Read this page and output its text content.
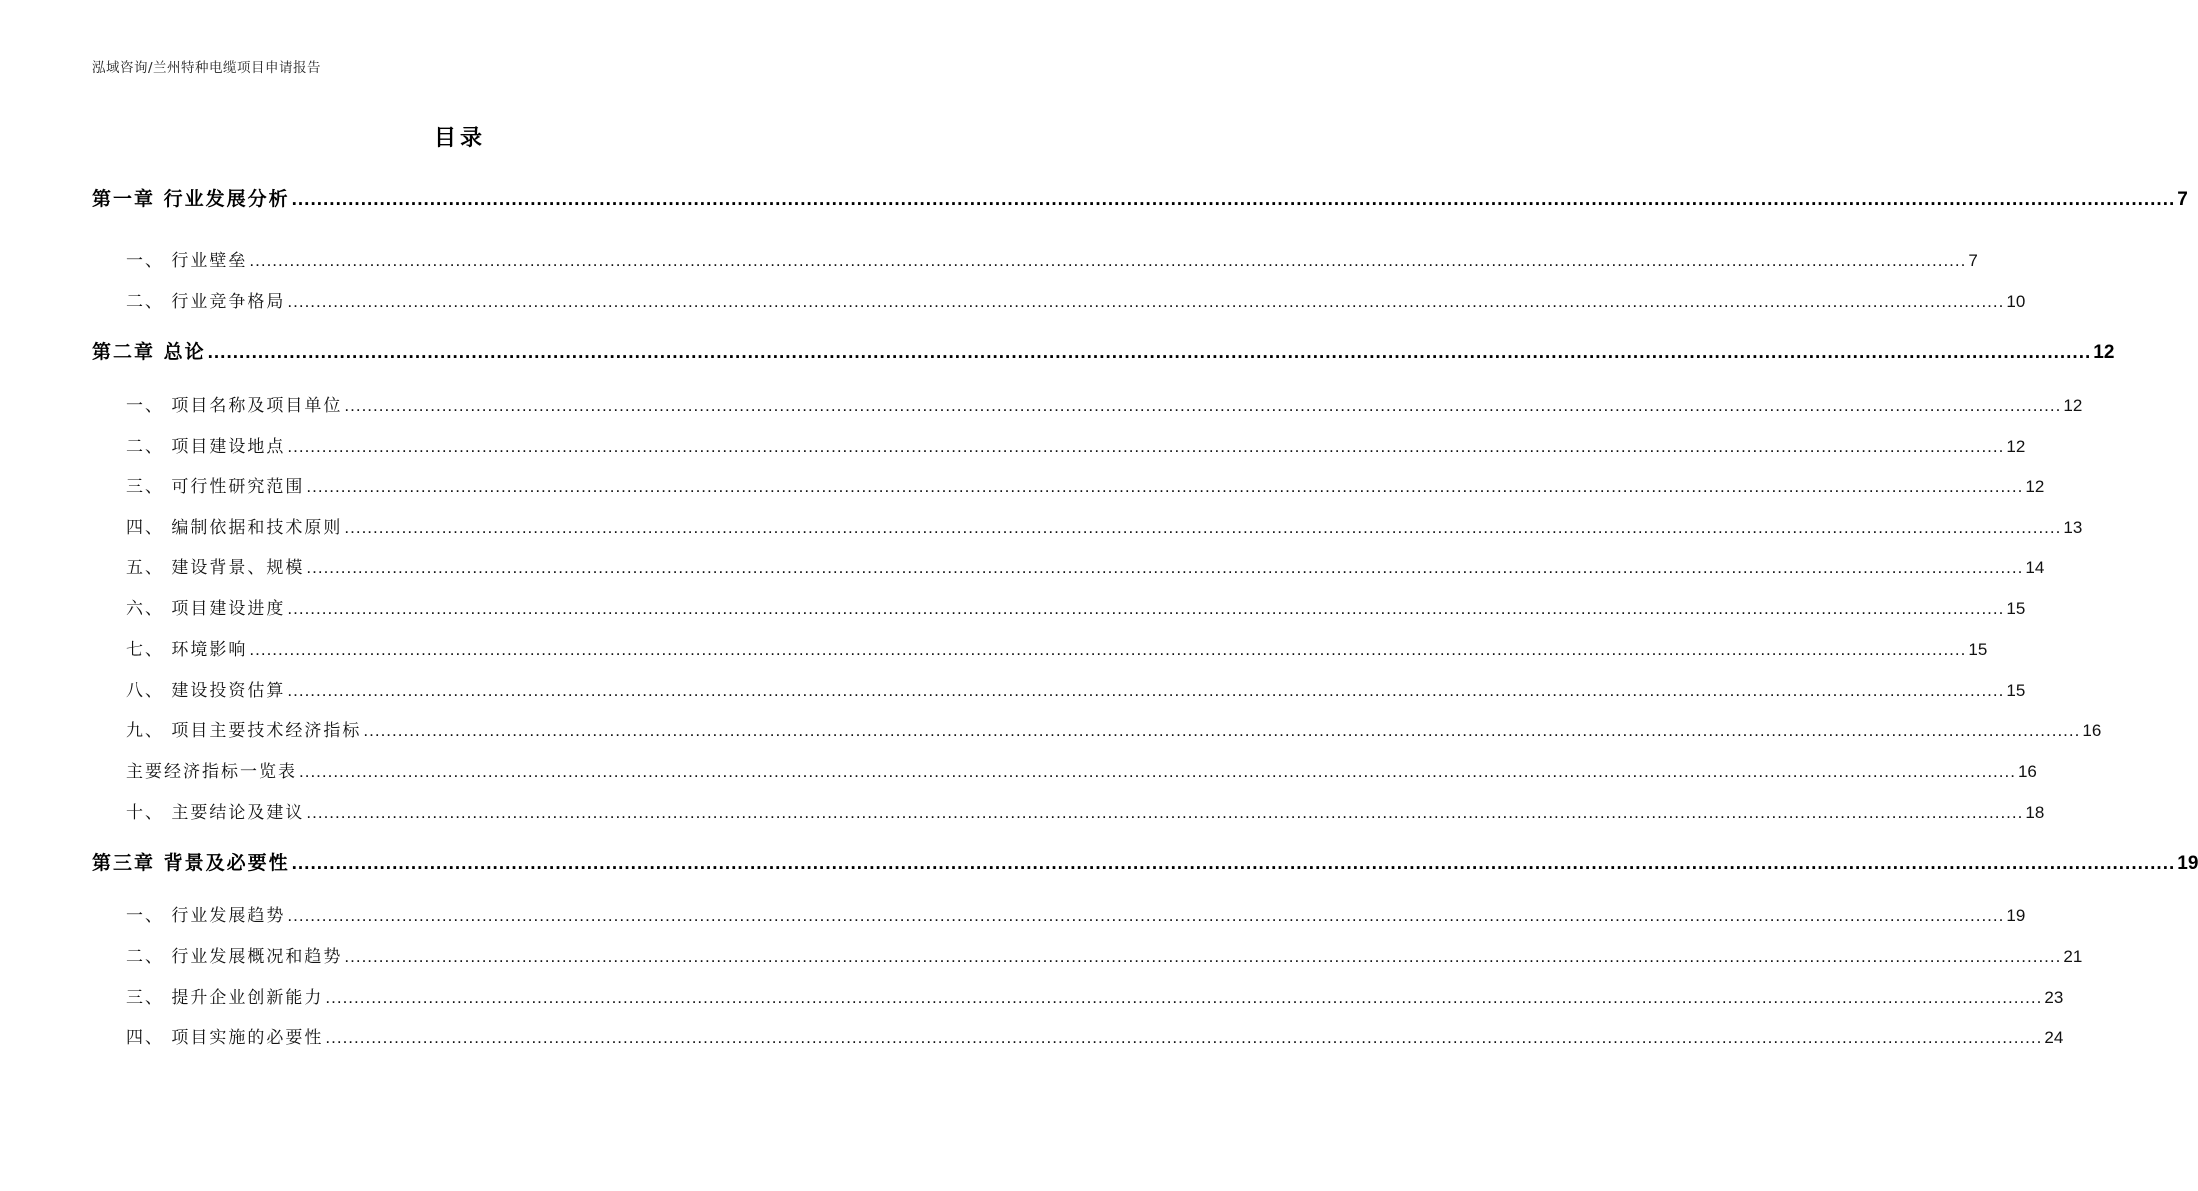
泓域咨询/兰州特种电缆项目申请报告
目录
第一章 行业发展分析 ............................................................................................................................................................................................................................................................................................................ 7
一、 行业壁垒 ............................................................................................................................................................................................................................................................................................................ 7
二、 行业竞争格局 ............................................................................................................................................................................................................................................................................................................ 10
第二章 总论 ............................................................................................................................................................................................................................................................................................................ 12
一、 项目名称及项目单位 ............................................................................................................................................................................................................................................................................................................ 12
二、 项目建设地点 ............................................................................................................................................................................................................................................................................................................ 12
三、 可行性研究范围 ............................................................................................................................................................................................................................................................................................................ 12
四、 编制依据和技术原则 ............................................................................................................................................................................................................................................................................................................ 13
五、 建设背景、规模 ............................................................................................................................................................................................................................................................................................................ 14
六、 项目建设进度 ............................................................................................................................................................................................................................................................................................................ 15
七、 环境影响 ............................................................................................................................................................................................................................................................................................................ 15
八、 建设投资估算 ............................................................................................................................................................................................................................................................................................................ 15
九、 项目主要技术经济指标 ............................................................................................................................................................................................................................................................................................................ 16
主要经济指标一览表 ............................................................................................................................................................................................................................................................................................................ 16
十、 主要结论及建议 ............................................................................................................................................................................................................................................................................................................ 18
第三章 背景及必要性 ............................................................................................................................................................................................................................................................................................................ 19
一、 行业发展趋势 ............................................................................................................................................................................................................................................................................................................ 19
二、 行业发展概况和趋势 ............................................................................................................................................................................................................................................................................................................ 21
三、 提升企业创新能力 ............................................................................................................................................................................................................................................................................................................ 23
四、 项目实施的必要性 ............................................................................................................................................................................................................................................................................................................ 24
